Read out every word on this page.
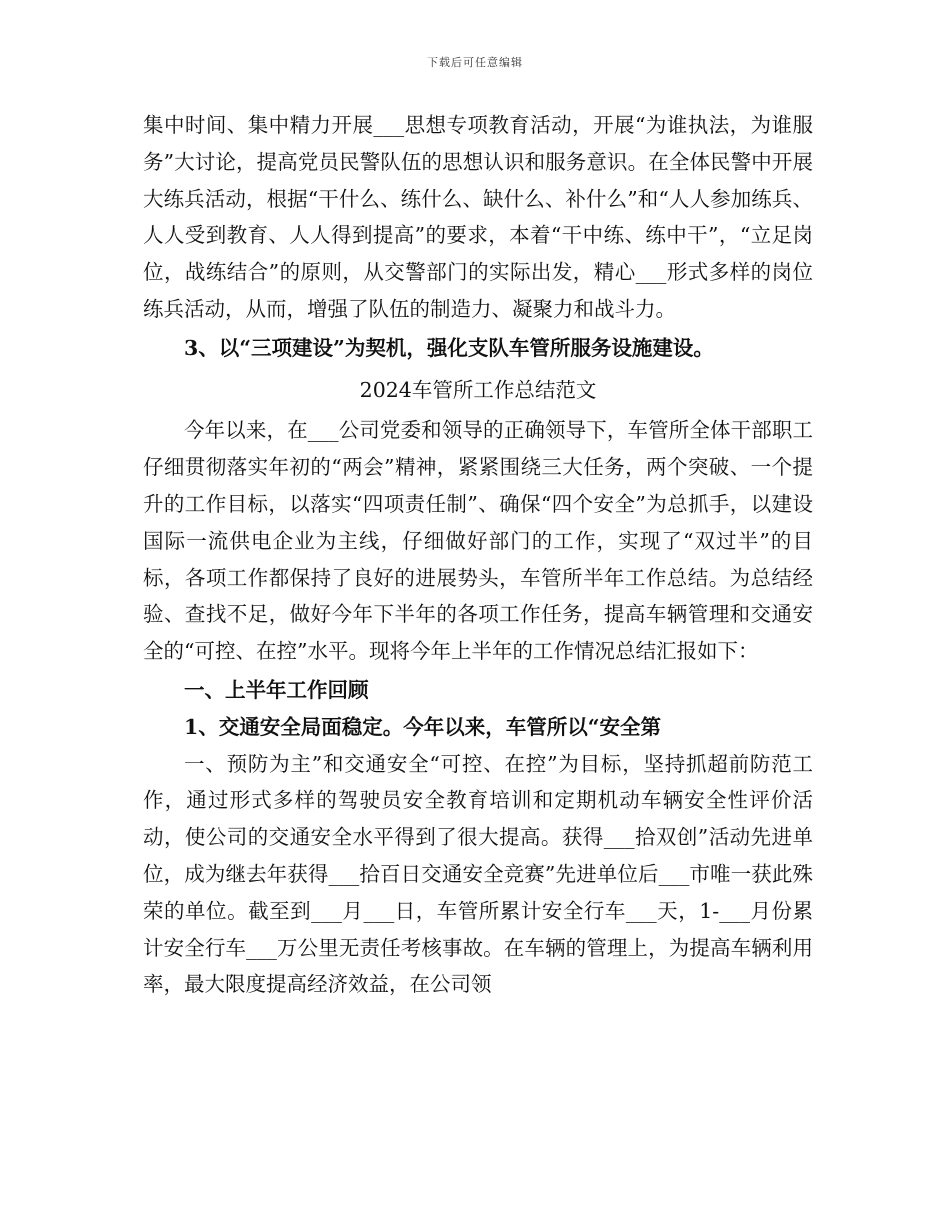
下载后可任意编辑

集中时间、集中精力开展___思想专项教育活动，开展“为谁执法，为谁服务”大讨论，提高党员民警队伍的思想认识和服务意识。在全体民警中开展大练兵活动，根据“干什么、练什么、缺什么、补什么”和“人人参加练兵、人人受到教育、人人得到提高”的要求，本着“干中练、练中干”，“立足岗位，战练结合”的原则，从交警部门的实际出发，精心___形式多样的岗位练兵活动，从而，增强了队伍的制造力、凝聚力和战斗力。

3、以“三项建设”为契机，强化支队车管所服务设施建设。

2024车管所工作总结范文

今年以来，在___公司党委和领导的正确领导下，车管所全体干部职工仔细贯彻落实年初的“两会”精神，紧紧围绕三大任务，两个突破、一个提升的工作目标，以落实“四项责任制”、确保“四个安全”为总抓手，以建设国际一流供电企业为主线，仔细做好部门的工作，实现了“双过半”的目标，各项工作都保持了良好的进展势头，车管所半年工作总结。为总结经验、查找不足，做好今年下半年的各项工作任务，提高车辆管理和交通安全的“可控、在控”水平。现将今年上半年的工作情况总结汇报如下：

一、上半年工作回顾

1、交通安全局面稳定。今年以来，车管所以“安全第

一、预防为主”和交通安全“可控、在控”为目标，坚持抓超前防范工作，通过形式多样的驾驶员安全教育培训和定期机动车辆安全性评价活动，使公司的交通安全水平得到了很大提高。获得___拾双创”活动先进单位，成为继去年获得___拾百日交通安全竞赛”先进单位后___市唯一获此殊荣的单位。截至到___月___日，车管所累计安全行车___天，1-___月份累计安全行车___万公里无责任考核事故。在车辆的管理上，为提高车辆利用率，最大限度提高经济效益，在公司领
